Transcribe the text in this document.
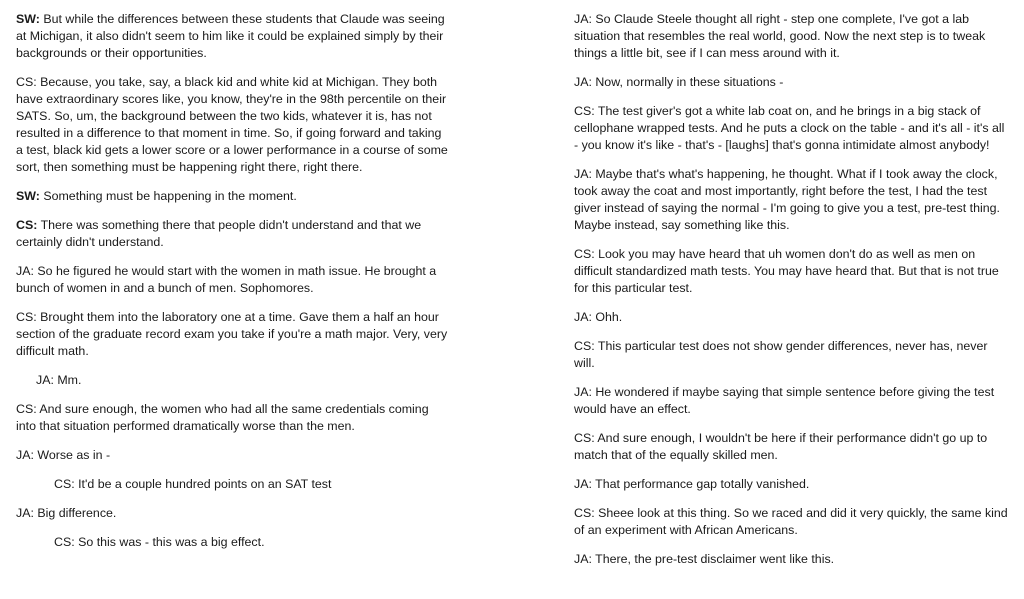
SW: But while the differences between these students that Claude was seeing at Michigan, it also didn't seem to him like it could be explained simply by their backgrounds or their opportunities.

CS: Because, you take, say, a black kid and white kid at Michigan. They both have extraordinary scores like, you know, they're in the 98th percentile on their SATS. So, um, the background between the two kids, whatever it is, has not resulted in a difference to that moment in time. So, if going forward and taking a test, black kid gets a lower score or a lower performance in a course of some sort, then something must be happening right there, right there.

SW: Something must be happening in the moment.

CS: There was something there that people didn't understand and that we certainly didn't understand.

JA: So he figured he would start with the women in math issue. He brought a bunch of women in and a bunch of men. Sophomores.

CS: Brought them into the laboratory one at a time. Gave them a half an hour section of the graduate record exam you take if you're a math major. Very, very difficult math.

JA: Mm.

CS: And sure enough, the women who had all the same credentials coming into that situation performed dramatically worse than the men.

JA: Worse as in -

CS: It'd be a couple hundred points on an SAT test

JA: Big difference.

CS: So this was - this was a big effect.

JA: So Claude Steele thought all right - step one complete, I've got a lab situation that resembles the real world, good. Now the next step is to tweak things a little bit, see if I can mess around with it.

JA: Now, normally in these situations -

CS: The test giver's got a white lab coat on, and he brings in a big stack of cellophane wrapped tests. And he puts a clock on the table - and it's all - it's all - you know it's like - that's - [laughs] that's gonna intimidate almost anybody!

JA: Maybe that's what's happening, he thought. What if I took away the clock, took away the coat and most importantly, right before the test, I had the test giver instead of saying the normal - I'm going to give you a test, pre-test thing. Maybe instead, say something like this.

CS: Look you may have heard that uh women don't do as well as men on difficult standardized math tests. You may have heard that. But that is not true for this particular test.

JA: Ohh.

CS: This particular test does not show gender differences, never has, never will.

JA: He wondered if maybe saying that simple sentence before giving the test would have an effect.

CS: And sure enough, I wouldn't be here if their performance didn't go up to match that of the equally skilled men.

JA: That performance gap totally vanished.

CS: Sheee look at this thing. So we raced and did it very quickly, the same kind of an experiment with African Americans.

JA: There, the pre-test disclaimer went like this.
